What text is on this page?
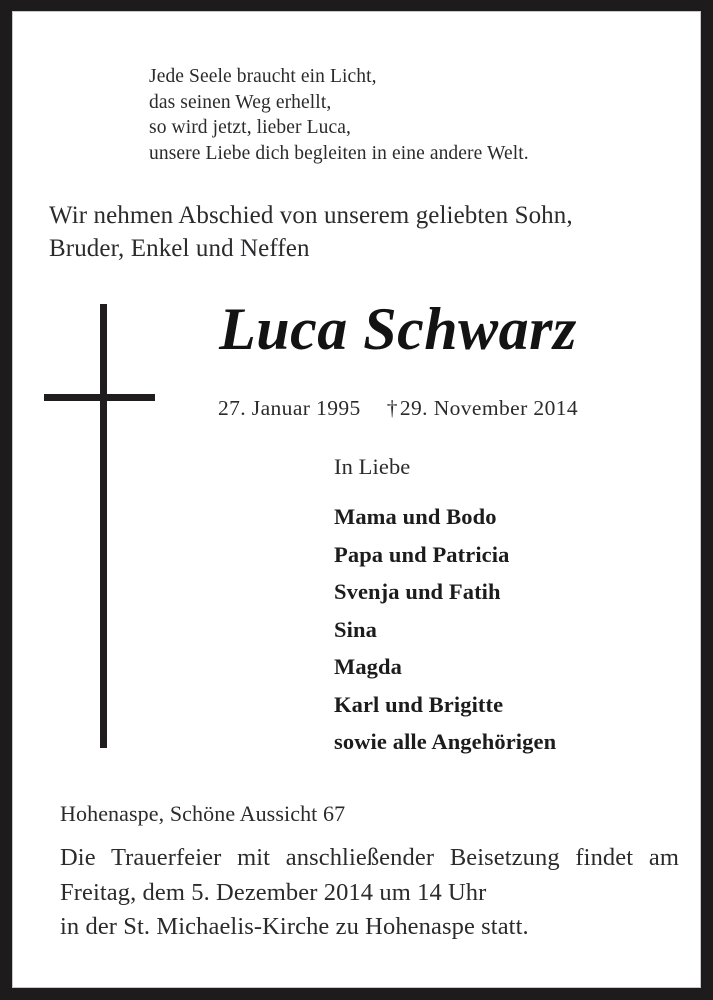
Jede Seele braucht ein Licht,
das seinen Weg erhellt,
so wird jetzt, lieber Luca,
unsere Liebe dich begleiten in eine andere Welt.
Wir nehmen Abschied von unserem geliebten Sohn,
Bruder, Enkel und Neffen
Luca Schwarz
27. Januar 1995 †29. November 2014
In Liebe
Mama und Bodo
Papa und Patricia
Svenja und Fatih
Sina
Magda
Karl und Brigitte
sowie alle Angehörigen
Hohenaspe, Schöne Aussicht 67
Die Trauerfeier mit anschließender Beisetzung findet am Freitag, dem 5. Dezember 2014 um 14 Uhr
in der St. Michaelis-Kirche zu Hohenaspe statt.
